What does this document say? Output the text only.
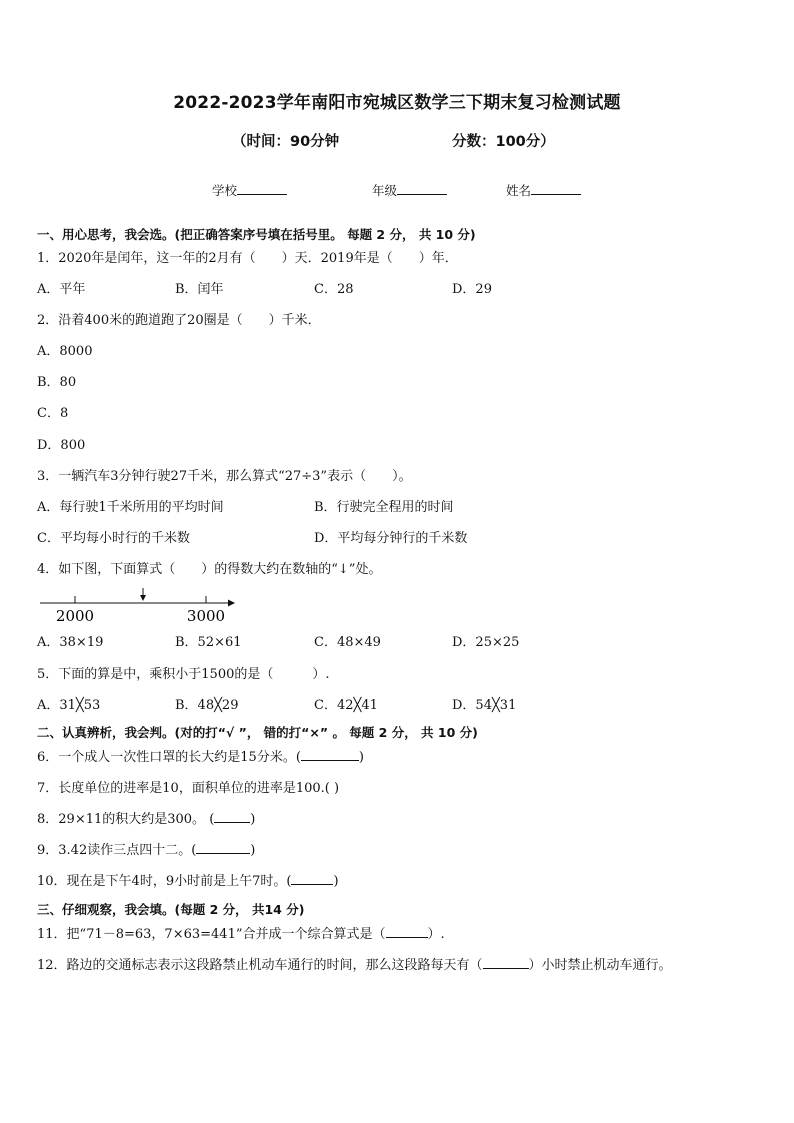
2022-2023学年南阳市宛城区数学三下期末复习检测试题
（时间：90分钟	分数：100分）
学校	年级	姓名
一、用心思考，我会选。(把正确答案序号填在括号里。 每题 2 分， 共 10 分)
1．2020年是闰年，这一年的2月有（　　）天．2019年是（　　）年．
A．平年	B．闰年	C．28	D．29
2．沿着400米的跑道跑了20圈是（　　）千米．
A．8000
B．80
C．8
D．800
3．一辆汽车3分钟行驶27千米，那么算式“27÷3”表示（　　）。
A．每行驶1千米所用的平均时间	B．行驶完全程用的时间
C．平均每小时行的千米数	D．平均每分钟行的千米数
4．如下图，下面算式（　　）的得数大约在数轴的“↓”处。
2000	3000
A．38×19	B．52×61	C．48×49	D．25×25
5．下面的算是中，乘积小于1500的是（　　　）.
A．31╳53	B．48╳29	C．42╳41	D．54╳31
二、认真辨析，我会判。(对的打“√ ”， 错的打“×” 。 每题 2 分， 共 10 分)
6．一个成人一次性口罩的长大约是15分米。(	)
7．长度单位的进率是10，面积单位的进率是100.( )
8．29×11的积大约是300。 (	)
9．3.42读作三点四十二。(	)
10．现在是下午4时，9小时前是上午7时。(	)
三、仔细观察，我会填。(每题 2 分， 共14 分)
11．把“71－8=63，7×63=441”合并成一个综合算式是（	）.
12．路边的交通标志表示这段路禁止机动车通行的时间，那么这段路每天有（	）小时禁止机动车通行。
